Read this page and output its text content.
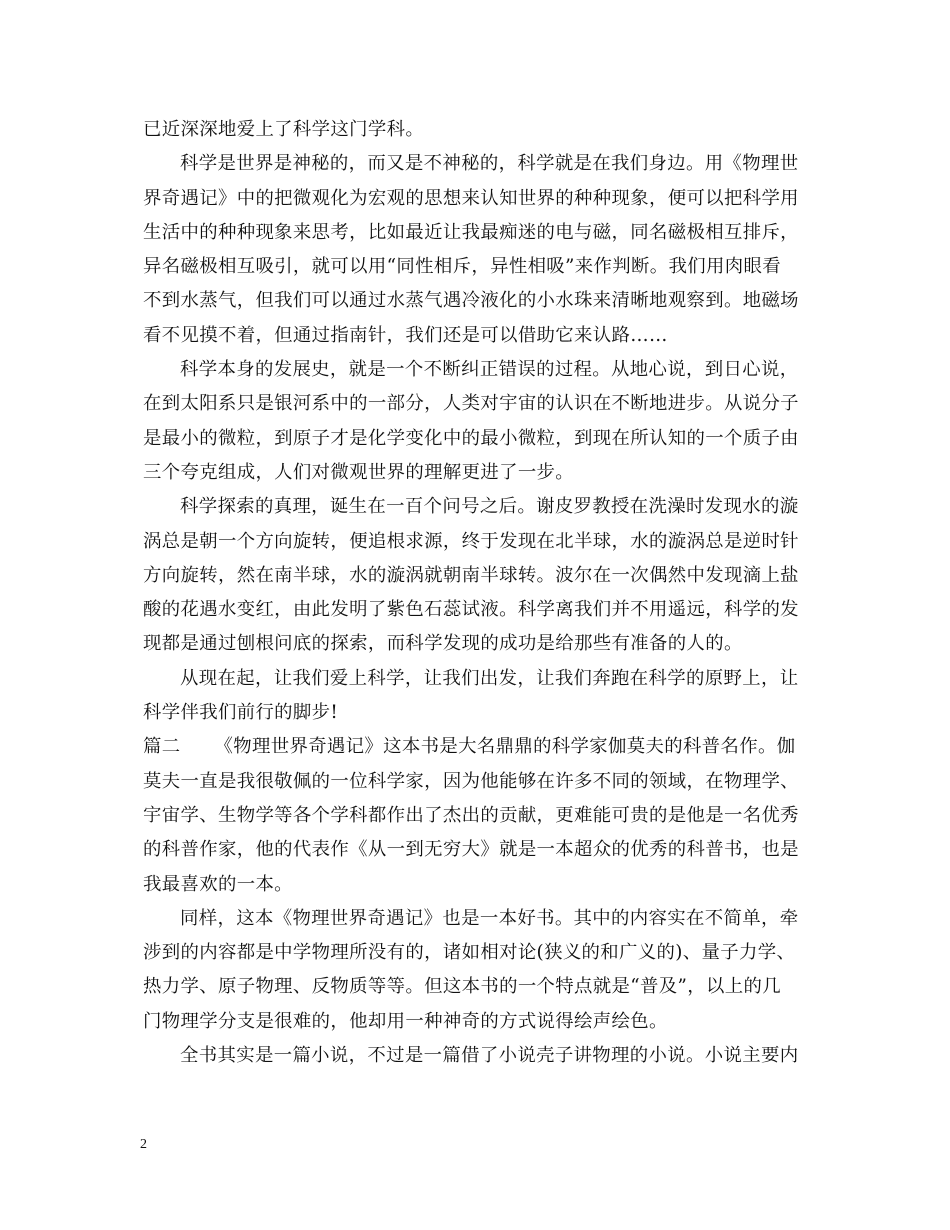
已近深深地爱上了科学这门学科。
科学是世界是神秘的，而又是不神秘的，科学就是在我们身边。用《物理世
界奇遇记》中的把微观化为宏观的思想来认知世界的种种现象，便可以把科学用
生活中的种种现象来思考，比如最近让我最痴迷的电与磁，同名磁极相互排斥，
异名磁极相互吸引，就可以用“同性相斥，异性相吸”来作判断。我们用肉眼看
不到水蒸气，但我们可以通过水蒸气遇冷液化的小水珠来清晰地观察到。地磁场
看不见摸不着，但通过指南针，我们还是可以借助它来认路……
科学本身的发展史，就是一个不断纠正错误的过程。从地心说，到日心说，
在到太阳系只是银河系中的一部分，人类对宇宙的认识在不断地进步。从说分子
是最小的微粒，到原子才是化学变化中的最小微粒，到现在所认知的一个质子由
三个夸克组成，人们对微观世界的理解更进了一步。
科学探索的真理，诞生在一百个问号之后。谢皮罗教授在洗澡时发现水的漩
涡总是朝一个方向旋转，便追根求源，终于发现在北半球，水的漩涡总是逆时针
方向旋转，然在南半球，水的漩涡就朝南半球转。波尔在一次偶然中发现滴上盐
酸的花遇水变红，由此发明了紫色石蕊试液。科学离我们并不用遥远，科学的发
现都是通过刨根问底的探索，而科学发现的成功是给那些有准备的人的。
从现在起，让我们爱上科学，让我们出发，让我们奔跑在科学的原野上，让
科学伴我们前行的脚步!
篇二 《物理世界奇遇记》这本书是大名鼎鼎的科学家伽莫夫的科普名作。伽
莫夫一直是我很敬佩的一位科学家，因为他能够在许多不同的领域，在物理学、
宇宙学、生物学等各个学科都作出了杰出的贡献，更难能可贵的是他是一名优秀
的科普作家，他的代表作《从一到无穷大》就是一本超众的优秀的科普书，也是
我最喜欢的一本。
同样，这本《物理世界奇遇记》也是一本好书。其中的内容实在不简单，牵
涉到的内容都是中学物理所没有的，诸如相对论(狭义的和广义的)、量子力学、
热力学、原子物理、反物质等等。但这本书的一个特点就是“普及”，以上的几
门物理学分支是很难的，他却用一种神奇的方式说得绘声绘色。
全书其实是一篇小说，不过是一篇借了小说壳子讲物理的小说。小说主要内
2
